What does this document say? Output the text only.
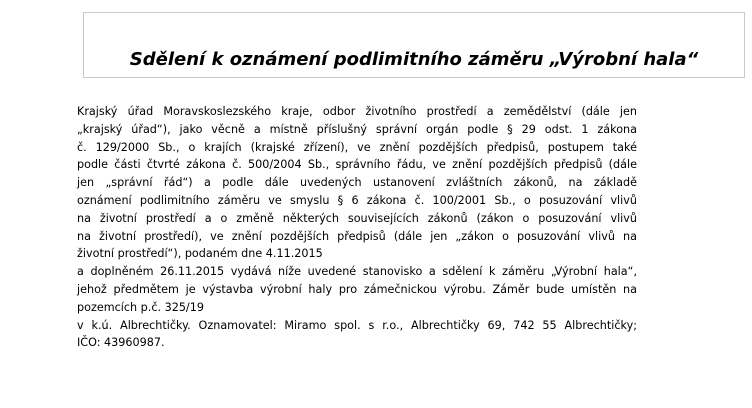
Sdělení k oznámení podlimitního záměru „Výrobní hala“

Krajský úřad Moravskoslezského kraje, odbor životního prostředí a zemědělství (dále jen
„krajský úřad“), jako věcně a místně příslušný správní orgán podle § 29 odst. 1 zákona
č. 129/2000 Sb., o krajích (krajské zřízení), ve znění pozdějších předpisů, postupem také
podle části čtvrté zákona č. 500/2004 Sb., správního řádu, ve znění pozdějších předpisů (dále
jen „správní řád“) a podle dále uvedených ustanovení zvláštních zákonů, na základě
oznámení podlimitního záměru ve smyslu § 6 zákona č. 100/2001 Sb., o posuzování vlivů
na životní prostředí a o změně některých souvisejících zákonů (zákon o posuzování vlivů
na životní prostředí), ve znění pozdějších předpisů (dále jen „zákon o posuzování vlivů na
životní prostředí“), podaném dne 4.11.2015

a doplněném 26.11.2015 vydává níže uvedené stanovisko a sdělení k záměru „Výrobní hala“,
jehož předmětem je výstavba výrobní haly pro zámečnickou výrobu. Záměr bude umístěn na
pozemcích p.č. 325/19

v k.ú. Albrechtičky. Oznamovatel: Miramo spol. s r.o., Albrechtičky 69, 742 55 Albrechtičky;
IČO: 43960987.
